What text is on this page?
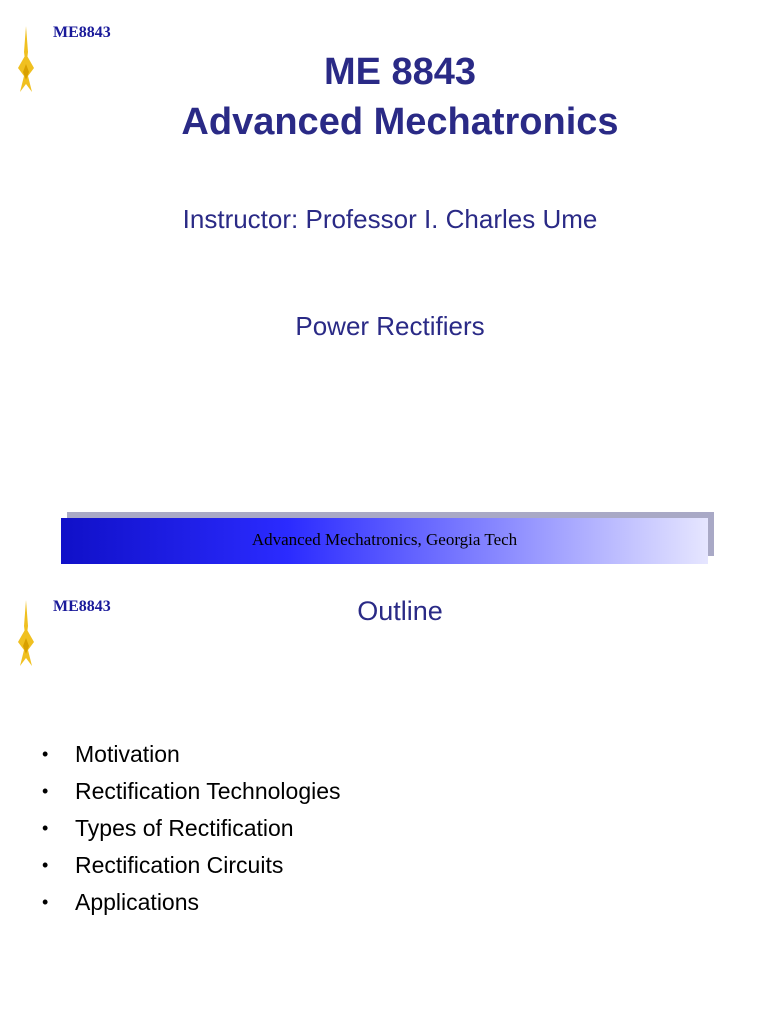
ME8843

ME 8843
Advanced Mechatronics

Instructor: Professor I. Charles Ume

Power Rectifiers

Advanced Mechatronics, Georgia Tech

ME8843	Outline
• Motivation
• Rectification Technologies
• Types of Rectification
• Rectification Circuits
• Applications
